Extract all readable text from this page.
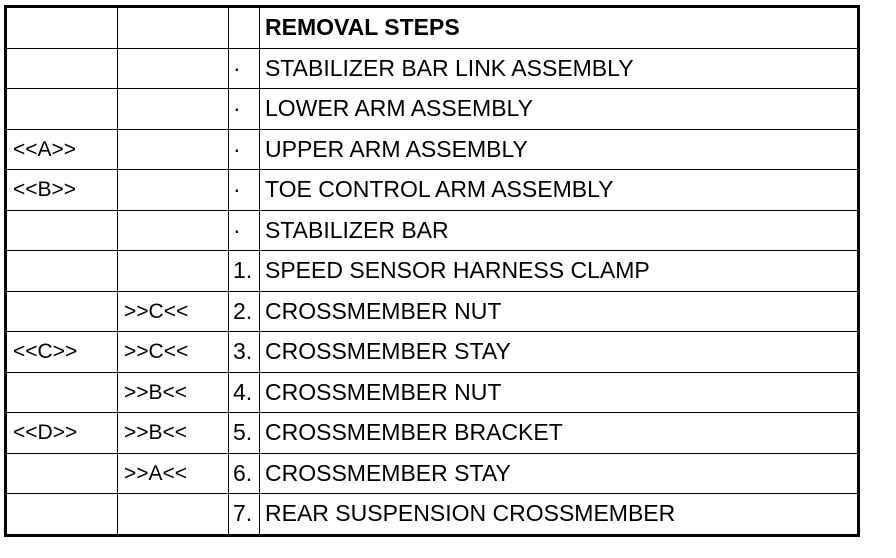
			REMOVAL STEPS
		·	STABILIZER BAR LINK ASSEMBLY
		·	LOWER ARM ASSEMBLY
<<A>>		·	UPPER ARM ASSEMBLY
<<B>>		·	TOE CONTROL ARM ASSEMBLY
		·	STABILIZER BAR
		1.	SPEED SENSOR HARNESS CLAMP
	>>C<<	2.	CROSSMEMBER NUT
<<C>>	>>C<<	3.	CROSSMEMBER STAY
	>>B<<	4.	CROSSMEMBER NUT
<<D>>	>>B<<	5.	CROSSMEMBER BRACKET
	>>A<<	6.	CROSSMEMBER STAY
		7.	REAR SUSPENSION CROSSMEMBER
